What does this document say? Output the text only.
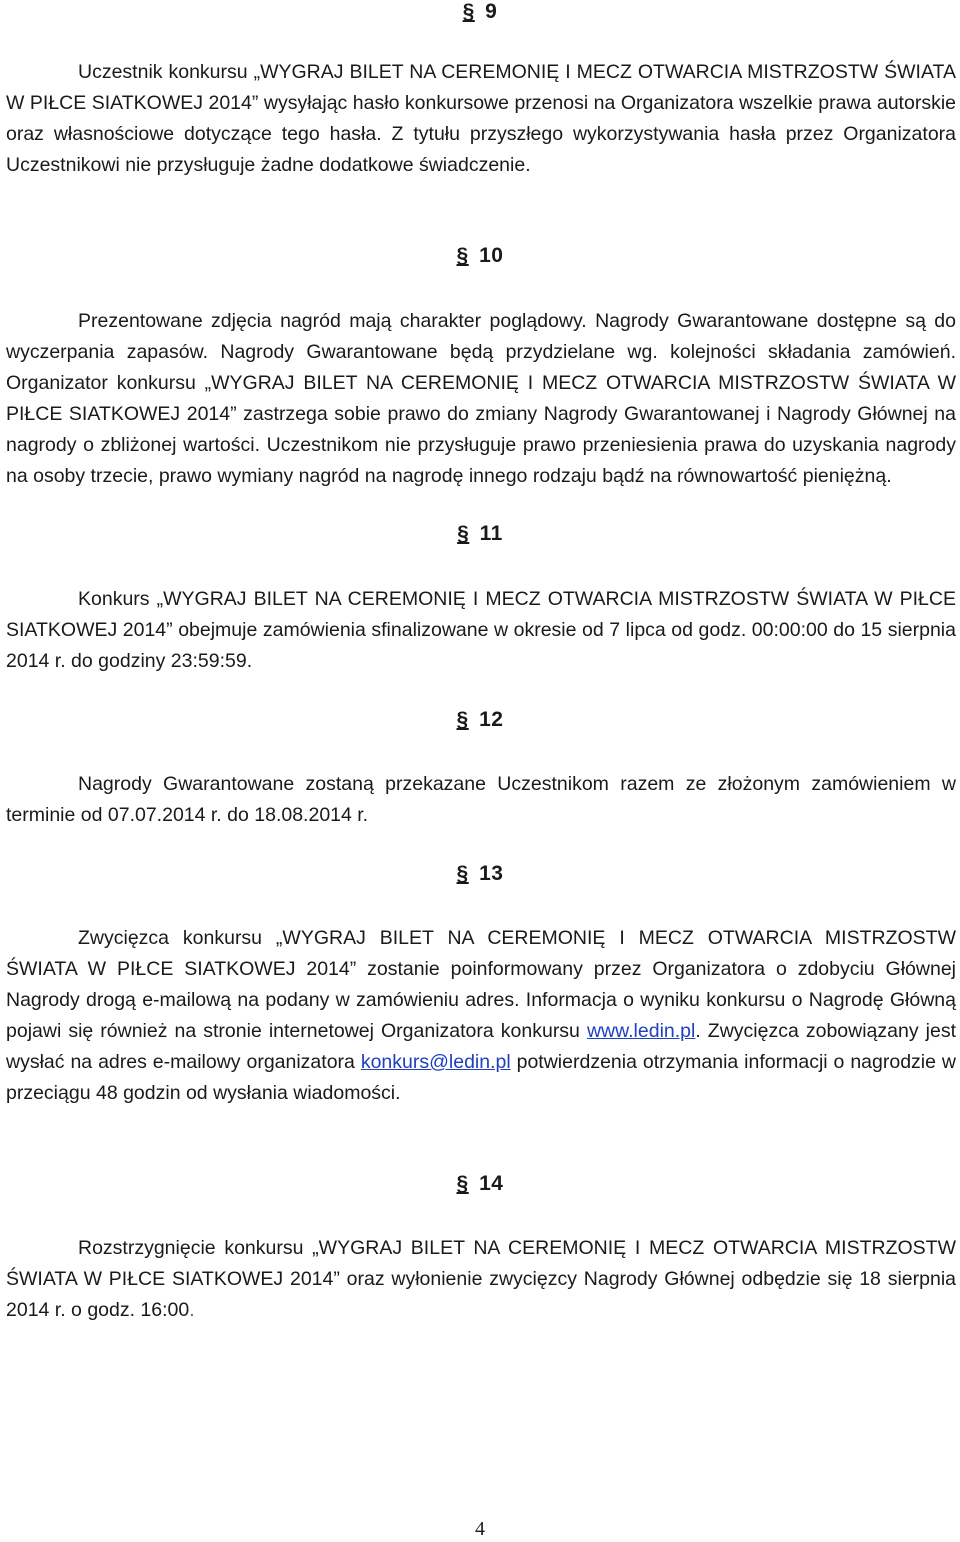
§ 9
Uczestnik konkursu „WYGRAJ BILET NA CEREMONIĘ I MECZ OTWARCIA MISTRZOSTW ŚWIATA W PIŁCE SIATKOWEJ 2014” wysyłając hasło konkursowe przenosi na Organizatora wszelkie prawa autorskie oraz własnościowe dotyczące tego hasła. Z tytułu przyszłego wykorzystywania hasła przez Organizatora Uczestnikowi nie przysługuje żadne dodatkowe świadczenie.
§ 10
Prezentowane zdjęcia nagród mają charakter poglądowy. Nagrody Gwarantowane dostępne są do wyczerpania zapasów. Nagrody Gwarantowane będą przydzielane wg. kolejności składania zamówień. Organizator konkursu „WYGRAJ BILET NA CEREMONIĘ I MECZ OTWARCIA MISTRZOSTW ŚWIATA W PIŁCE SIATKOWEJ 2014” zastrzega sobie prawo do zmiany Nagrody Gwarantowanej i Nagrody Głównej na nagrody o zbliżonej wartości. Uczestnikom nie przysługuje prawo przeniesienia prawa do uzyskania nagrody na osoby trzecie, prawo wymiany nagród na nagrodę innego rodzaju bądź na równowartość pieniężną.
§ 11
Konkurs „WYGRAJ BILET NA CEREMONIĘ I MECZ OTWARCIA MISTRZOSTW ŚWIATA W PIŁCE SIATKOWEJ 2014” obejmuje zamówienia sfinalizowane w okresie od 7 lipca od godz. 00:00:00 do 15 sierpnia 2014 r. do godziny 23:59:59.
§ 12
Nagrody Gwarantowane zostaną przekazane Uczestnikom razem ze złożonym zamówieniem w terminie od 07.07.2014 r. do 18.08.2014 r.
§ 13
Zwycięzca konkursu „WYGRAJ BILET NA CEREMONIĘ I MECZ OTWARCIA MISTRZOSTW ŚWIATA W PIŁCE SIATKOWEJ 2014” zostanie poinformowany przez Organizatora o zdobyciu Głównej Nagrody drogą e-mailową na podany w zamówieniu adres. Informacja o wyniku konkursu o Nagrodę Główną pojawi się również na stronie internetowej Organizatora konkursu www.ledin.pl. Zwycięzca zobowiązany jest wysłać na adres e-mailowy organizatora konkurs@ledin.pl potwierdzenia otrzymania informacji o nagrodzie w przeciągu 48 godzin od wysłania wiadomości.
§ 14
Rozstrzygnięcie konkursu „WYGRAJ BILET NA CEREMONIĘ I MECZ OTWARCIA MISTRZOSTW ŚWIATA W PIŁCE SIATKOWEJ 2014” oraz wyłonienie zwycięzcy Nagrody Głównej odbędzie się 18 sierpnia 2014 r. o godz. 16:00.
4
